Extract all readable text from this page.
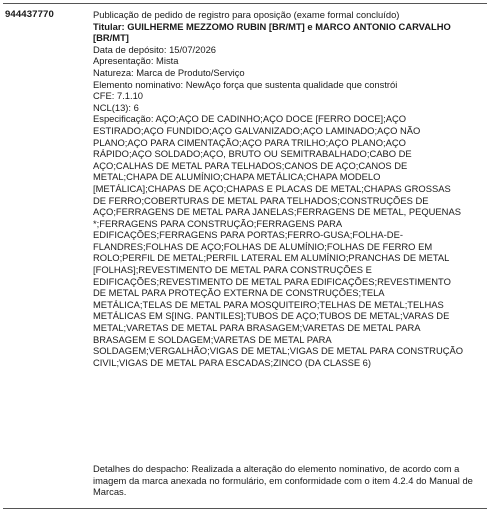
944437770	Publicação de pedido de registro para oposição (exame formal concluído)
Titular: GUILHERME MEZZOMO RUBIN [BR/MT] e MARCO ANTONIO CARVALHO
[BR/MT]
Data de depósito: 15/07/2026
Apresentação: Mista
Natureza: Marca de Produto/Serviço
Elemento nominativo: NewAço força que sustenta qualidade que constrói
CFE: 7.1.10
NCL(13): 6
Especificação: AÇO;AÇO DE CADINHO;AÇO DOCE [FERRO DOCE];AÇO
ESTIRADO;AÇO FUNDIDO;AÇO GALVANIZADO;AÇO LAMINADO;AÇO NÃO
PLANO;AÇO PARA CIMENTAÇÃO;AÇO PARA TRILHO;AÇO PLANO;AÇO
RÁPIDO;AÇO SOLDADO;AÇO, BRUTO OU SEMITRABALHADO;CABO DE
AÇO;CALHAS DE METAL PARA TELHADOS;CANOS DE AÇO;CANOS DE
METAL;CHAPA DE ALUMÍNIO;CHAPA METÁLICA;CHAPA MODELO
[METÁLICA];CHAPAS DE AÇO;CHAPAS E PLACAS DE METAL;CHAPAS GROSSAS
DE FERRO;COBERTURAS DE METAL PARA TELHADOS;CONSTRUÇÕES DE
AÇO;FERRAGENS DE METAL PARA JANELAS;FERRAGENS DE METAL, PEQUENAS
*;FERRAGENS PARA CONSTRUÇÃO;FERRAGENS PARA
EDIFICAÇÕES;FERRAGENS PARA PORTAS;FERRO-GUSA;FOLHA-DE-
FLANDRES;FOLHAS DE AÇO;FOLHAS DE ALUMÍNIO;FOLHAS DE FERRO EM
ROLO;PERFIL DE METAL;PERFIL LATERAL EM ALUMÍNIO;PRANCHAS DE METAL
[FOLHAS];REVESTIMENTO DE METAL PARA CONSTRUÇÕES E
EDIFICAÇÕES;REVESTIMENTO DE METAL PARA EDIFICAÇÕES;REVESTIMENTO
DE METAL PARA PROTEÇÃO EXTERNA DE CONSTRUÇÕES;TELA
METÁLICA;TELAS DE METAL PARA MOSQUITEIRO;TELHAS DE METAL;TELHAS
METÁLICAS EM S[ING. PANTILES];TUBOS DE AÇO;TUBOS DE METAL;VARAS DE
METAL;VARETAS DE METAL PARA BRASAGEM;VARETAS DE METAL PARA
BRASAGEM E SOLDAGEM;VARETAS DE METAL PARA
SOLDAGEM;VERGALHÃO;VIGAS DE METAL;VIGAS DE METAL PARA CONSTRUÇÃO
CIVIL;VIGAS DE METAL PARA ESCADAS;ZINCO (DA CLASSE 6)
Detalhes do despacho: Realizada a alteração do elemento nominativo, de acordo com a imagem da marca anexada no formulário, em conformidade com o item 4.2.4 do Manual de Marcas.
